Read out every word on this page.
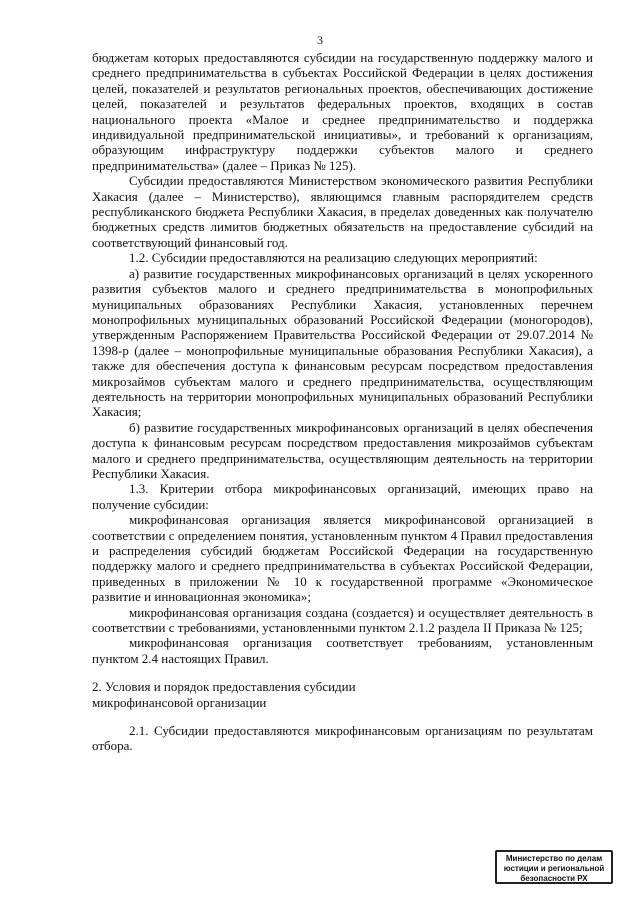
3

бюджетам которых предоставляются субсидии на государственную поддержку малого и среднего предпринимательства в субъектах Российской Федерации в целях достижения целей, показателей и результатов региональных проектов, обеспечивающих достижение целей, показателей и результатов федеральных проектов, входящих в состав национального проекта «Малое и среднее предпринимательство и поддержка индивидуальной предпринимательской инициативы», и требований к организациям, образующим инфраструктуру поддержки субъектов малого и среднего предпринимательства» (далее – Приказ № 125).

Субсидии предоставляются Министерством экономического развития Республики Хакасия (далее – Министерство), являющимся главным распорядителем средств республиканского бюджета Республики Хакасия, в пределах доведенных как получателю бюджетных средств лимитов бюджетных обязательств на предоставление субсидий на соответствующий финансовый год.

1.2. Субсидии предоставляются на реализацию следующих мероприятий:

а) развитие государственных микрофинансовых организаций в целях ускоренного развития субъектов малого и среднего предпринимательства в монопрофильных муниципальных образованиях Республики Хакасия, установленных перечнем монопрофильных муниципальных образований Российской Федерации (моногородов), утвержденным Распоряжением Правительства Российской Федерации от 29.07.2014 № 1398-р (далее – монопрофильные муниципальные образования Республики Хакасия), а также для обеспечения доступа к финансовым ресурсам посредством предоставления микрозаймов субъектам малого и среднего предпринимательства, осуществляющим деятельность на территории монопрофильных муниципальных образований Республики Хакасия;

б) развитие государственных микрофинансовых организаций в целях обеспечения доступа к финансовым ресурсам посредством предоставления микрозаймов субъектам малого и среднего предпринимательства, осуществляющим деятельность на территории Республики Хакасия.

1.3. Критерии отбора микрофинансовых организаций, имеющих право на получение субсидии:

микрофинансовая организация является микрофинансовой организацией в соответствии с определением понятия, установленным пунктом 4 Правил предоставления и распределения субсидий бюджетам Российской Федерации на государственную поддержку малого и среднего предпринимательства в субъектах Российской Федерации, приведенных в приложении № 10 к государственной программе «Экономическое развитие и инновационная экономика»;

микрофинансовая организация создана (создается) и осуществляет деятельность в соответствии с требованиями, установленными пунктом 2.1.2 раздела II Приказа № 125;

микрофинансовая организация соответствует требованиям, установленным пунктом 2.4 настоящих Правил.

2. Условия и порядок предоставления субсидии

микрофинансовой организации

2.1. Субсидии предоставляются микрофинансовым организациям по результатам отбора.

Министерство по делам
юстиции и региональной
безопасности РХ
